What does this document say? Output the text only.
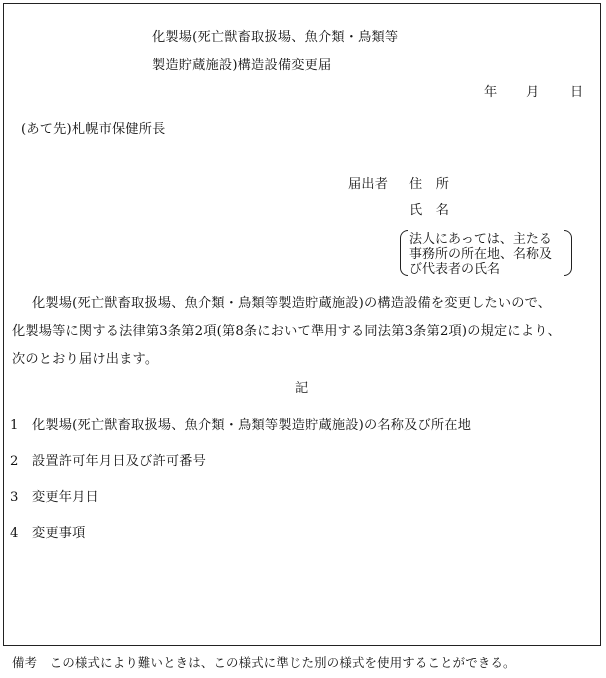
化製場(死亡獣畜取扱場、魚介類・鳥類等
製造貯蔵施設)構造設備変更届
年 月 日
(あて先)札幌市保健所長
届出者 住　所
氏　名
法人にあっては、主たる
事務所の所在地、名称及
び代表者の氏名
化製場(死亡獣畜取扱場、魚介類・鳥類等製造貯蔵施設)の構造設備を変更したいので、
化製場等に関する法律第3条第2項(第8条において準用する同法第3条第2項)の規定により、
次のとおり届け出ます。
記
1 化製場(死亡獣畜取扱場、魚介類・鳥類等製造貯蔵施設)の名称及び所在地
2 設置許可年月日及び許可番号
3 変更年月日
4 変更事項
備考　この様式により難いときは、この様式に準じた別の様式を使用することができる。
